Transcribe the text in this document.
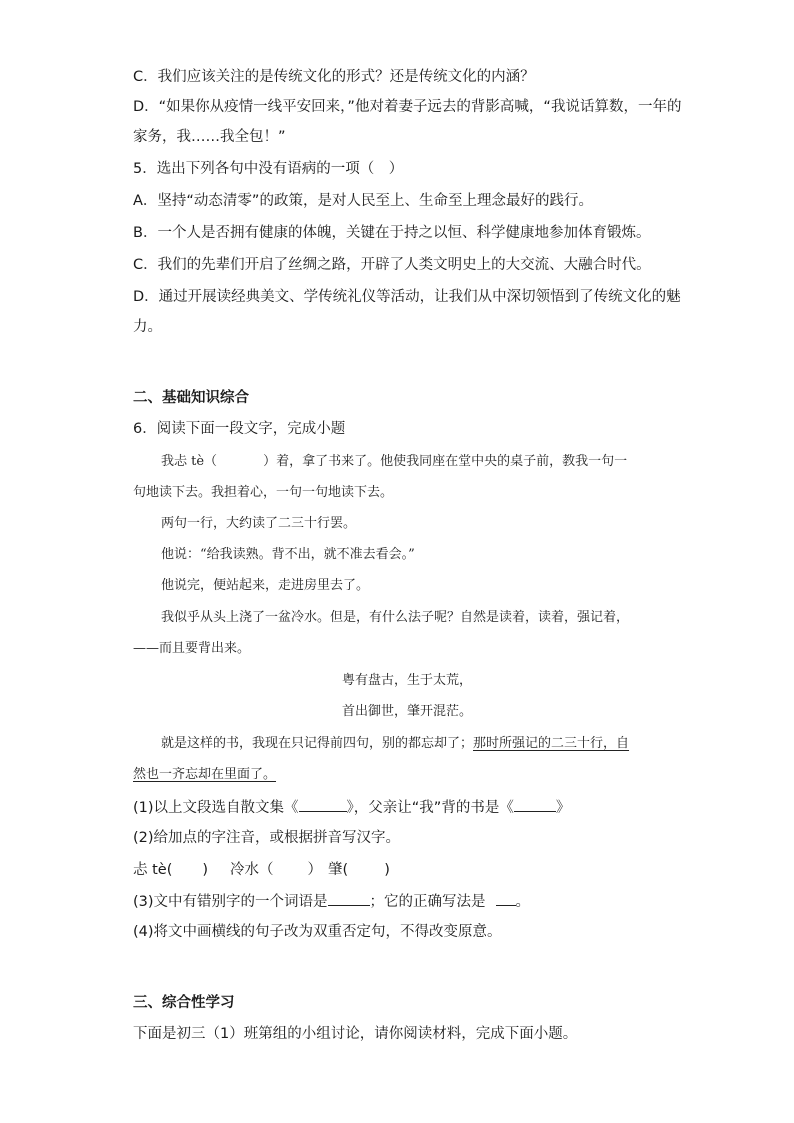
C．我们应该关注的是传统文化的形式？还是传统文化的内涵？
D．“如果你从疫情一线平安回来，”他对着妻子远去的背影高喊，“我说话算数，一年的
家务，我……我全包！”
5．选出下列各句中没有语病的一项（　）
A．坚持“动态清零”的政策，是对人民至上、生命至上理念最好的践行。
B．一个人是否拥有健康的体魄，关键在于持之以恒、科学健康地参加体育锻炼。
C．我们的先辈们开启了丝绸之路，开辟了人类文明史上的大交流、大融合时代。
D．通过开展读经典美文、学传统礼仪等活动，让我们从中深切领悟到了传统文化的魅
力。
二、基础知识综合
6．阅读下面一段文字，完成小题
我忐 tè（	）着，拿了书来了。他使我同座在堂中央的桌子前，教我一句一
句地读下去。我担着心，一句一句地读下去。
两句一行，大约读了二三十行罢。
他说：“给我读熟。背不出，就不准去看会。”
他说完，便站起来，走进房里去了。
我似乎从头上浇了一盆冷水。但是，有什么法子呢？自然是读着，读着，强记着，
——而且要背出来。
粤有盘古，生于太荒，
首出御世，肇开混茫。
就是这样的书，我现在只记得前四句，别的都忘却了；那时所强记的二三十行，自
然也一齐忘却在里面了。
(1)以上文段选自散文集《	》，父亲让“我”背的书是《	》
(2)给加点的字注音，或根据拼音写汉字。
忐 tè( ) 冷水（ ） 肇( )
(3)文中有错别字的一个词语是	；它的正确写法是 。
(4)将文中画横线的句子改为双重否定句，不得改变原意。
三、综合性学习
下面是初三（1）班第组的小组讨论，请你阅读材料，完成下面小题。
